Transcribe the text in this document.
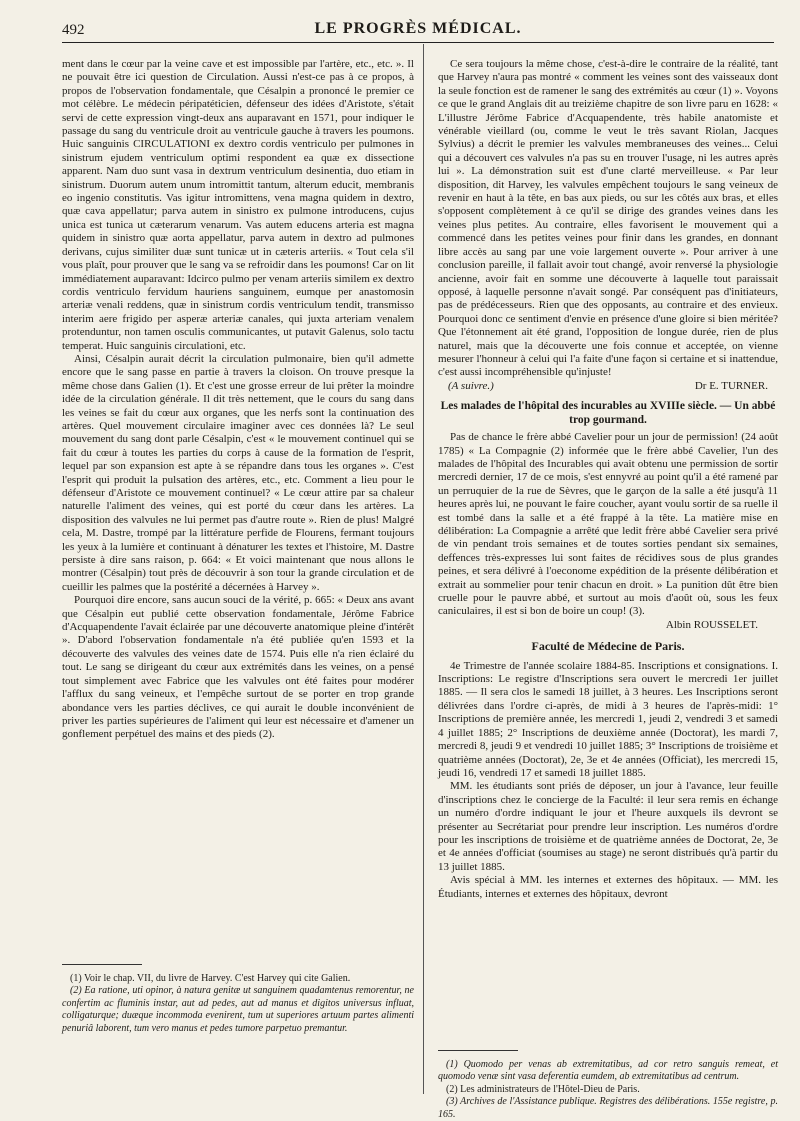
492	LE PROGRÈS MÉDICAL.

ment dans le cœur par la veine cave et est impossible par l'artère, etc., etc. ». Il ne pouvait être ici question de Circulation. Aussi n'est-ce pas à ce propos, à propos de l'observation fondamentale, que Césalpin a prononcé le premier ce mot célèbre. Le médecin péripatéticien, défenseur des idées d'Aristote, s'était servi de cette expression vingt-deux ans auparavant en 1571, pour indiquer le passage du sang du ventricule droit au ventricule gauche à travers les poumons. Huic sanguinis CIRCULATIONI ex dextro cordis ventriculo per pulmones in sinistrum ejudem ventriculum optimi respondent ea quæ ex dissectione apparent. Nam duo sunt vasa in dextrum ventriculum desinentia, duo etiam in sinistrum. Duorum autem unum intromittit tantum, alterum educit, membranis eo ingenio constitutis. Vas igitur intromittens, vena magna quidem in dextro, quæ cava appellatur; parva autem in sinistro ex pulmone introducens, cujus unica est tunica ut cæterarum venarum. Vas autem educens arteria est magna quidem in sinistro quæ aorta appellatur, parva autem in dextro ad pulmones derivans, cujus similiter duæ sunt tunicæ ut in cæteris arteriis. « Tout cela s'il vous plaît, pour prouver que le sang va se refroidir dans les poumons! Car on lit immédiatement auparavant: Idcirco pulmo per venam arteriis similem ex dextro cordis ventriculo fervidum hauriens sanguinem, eumque per anastomosin arteriæ venali reddens, quæ in sinistrum cordis ventriculum tendit, transmisso interim aere frigido per asperæ arteriæ canales, qui juxta arteriam venalem protenduntur, non tamen osculis communicantes, ut putavit Galenus, solo tactu temperat. Huic sanguinis circulationi, etc.

Ainsi, Césalpin aurait décrit la circulation pulmonaire, bien qu'il admette encore que le sang passe en partie à travers la cloison. On trouve presque la même chose dans Galien (1). Et c'est une grosse erreur de lui prêter la moindre idée de la circulation générale. Il dit très nettement, que le cours du sang dans les veines se fait du cœur aux organes, que les nerfs sont la continuation des artères. Quel mouvement circulaire imaginer avec ces données là? Le seul mouvement du sang dont parle Césalpin, c'est « le mouvement continuel qui se fait du cœur à toutes les parties du corps à cause de la formation de l'esprit, lequel par son expansion est apte à se répandre dans tous les organes ». C'est l'esprit qui produit la pulsation des artères, etc., etc. Comment a lieu pour le défenseur d'Aristote ce mouvement continuel? « Le cœur attire par sa chaleur naturelle l'aliment des veines, qui est porté du cœur dans les artères. La disposition des valvules ne lui permet pas d'autre route ». Rien de plus! Malgré cela, M. Dastre, trompé par la littérature perfide de Flourens, fermant toujours les yeux à la lumière et continuant à dénaturer les textes et l'histoire, M. Dastre persiste à dire sans raison, p. 664: « Et voici maintenant que nous allons le montrer (Césalpin) tout près de découvrir à son tour la grande circulation et de cueillir les palmes que la postérité a décernées à Harvey ».

Pourquoi dire encore, sans aucun souci de la vérité, p. 665: « Deux ans avant que Césalpin eut publié cette observation fondamentale, Jérôme Fabrice d'Acquapendente l'avait éclairée par une découverte anatomique pleine d'intérêt ». D'abord l'observation fondamentale n'a été publiée qu'en 1593 et la découverte des valvules des veines date de 1574. Puis elle n'a rien éclairé du tout. Le sang se dirigeant du cœur aux extrémités dans les veines, on a pensé tout simplement avec Fabrice que les valvules ont été faites pour modérer l'afflux du sang veineux, et l'empêche surtout de se porter en trop grande abondance vers les parties déclives, ce qui aurait le double inconvénient de priver les parties supérieures de l'aliment qui leur est nécessaire et d'amener un gonflement perpétuel des mains et des pieds (2).

(1) Voir le chap. VII, du livre de Harvey. C'est Harvey qui cite Galien.

(2) Ea ratione, uti opinor, à natura genitæ ut sanguinem quadamtenus remorentur, ne confertim ac fluminis instar, aut ad pedes, aut ad manus et digitos universus influat, colligaturque; duæque incommoda evenirent, tum ut superiores artuum partes alimenti penuriâ laborent, tum vero manus et pedes tumore parpetuo premantur.

Ce sera toujours la même chose, c'est-à-dire le contraire de la réalité, tant que Harvey n'aura pas montré « comment les veines sont des vaisseaux dont la seule fonction est de ramener le sang des extrémités au cœur (1) ». Voyons ce que le grand Anglais dit au treizième chapitre de son livre paru en 1628: « L'illustre Jérôme Fabrice d'Acquapendente, très habile anatomiste et vénérable vieillard (ou, comme le veut le très savant Riolan, Jacques Sylvius) a décrit le premier les valvules membraneuses des veines... Celui qui a découvert ces valvules n'a pas su en trouver l'usage, ni les autres après lui ». La démonstration suit est d'une clarté merveilleuse. « Par leur disposition, dit Harvey, les valvules empêchent toujours le sang veineux de revenir en haut à la tête, en bas aux pieds, ou sur les côtés aux bras, et elles s'opposent complètement à ce qu'il se dirige des grandes veines dans les veines plus petites. Au contraire, elles favorisent le mouvement qui a commencé dans les petites veines pour finir dans les grandes, en donnant libre accès au sang par une voie largement ouverte ». Pour arriver à une conclusion pareille, il fallait avoir tout changé, avoir renversé la physiologie ancienne, avoir fait en somme une découverte à laquelle tout paraissait opposé, à laquelle personne n'avait songé. Par conséquent pas d'initiateurs, pas de prédécesseurs. Rien que des opposants, au contraire et des envieux. Pourquoi donc ce sentiment d'envie en présence d'une gloire si bien méritée? Que l'étonnement ait été grand, l'opposition de longue durée, rien de plus naturel, mais que la découverte une fois connue et acceptée, on vienne mesurer l'honneur à celui qui l'a faite d'une façon si certaine et si inattendue, c'est aussi incompréhensible qu'injuste!

(A suivre.)	Dr E. TURNER.
Les malades de l'hôpital des incurables au XVIIIe siècle. — Un abbé trop gourmand.

Pas de chance le frère abbé Cavelier pour un jour de permission! (24 août 1785) « La Compagnie (2) informée que le frère abbé Cavelier, l'un des malades de l'hôpital des Incurables qui avait obtenu une permission de sortir mercredi dernier, 17 de ce mois, s'est ennyvré au point qu'il a été ramené par un perruquier de la rue de Sèvres, que le garçon de la salle a été jusqu'à 11 heures après lui, ne pouvant le faire coucher, ayant voulu sortir de sa ruelle il est tombé dans la salle et a été frappé à la tête. La matière mise en délibération: La Compagnie a arrêté que ledit frère abbé Cavelier sera privé de vin pendant trois semaines et de toutes sorties pendant six semaines, deffences très-expresses lui sont faites de récidives sous de plus grandes peines, et sera délivré à l'oeconome expédition de la présente délibération et extrait au sommelier pour tenir chacun en droit. » La punition dût être bien cruelle pour le pauvre abbé, et surtout au mois d'août où, sous les feux caniculaires, il est si bon de boire un coup! (3).

Albin ROUSSELET.
Faculté de Médecine de Paris.

4e Trimestre de l'année scolaire 1884-85. Inscriptions et consignations. I. Inscriptions: Le registre d'Inscriptions sera ouvert le mercredi 1er juillet 1885. — Il sera clos le samedi 18 juillet, à 3 heures. Les Inscriptions seront délivrées dans l'ordre ci-après, de midi à 3 heures de l'après-midi: 1° Inscriptions de première année, les mercredi 1, jeudi 2, vendredi 3 et samedi 4 juillet 1885; 2° Inscriptions de deuxième année (Doctorat), les mardi 7, mercredi 8, jeudi 9 et vendredi 10 juillet 1885; 3° Inscriptions de troisième et quatrième années (Doctorat), 2e, 3e et 4e années (Officiat), les mercredi 15, jeudi 16, vendredi 17 et samedi 18 juillet 1885.

MM. les étudiants sont priés de déposer, un jour à l'avance, leur feuille d'inscriptions chez le concierge de la Faculté: il leur sera remis en échange un numéro d'ordre indiquant le jour et l'heure auxquels ils devront se présenter au Secrétariat pour prendre leur inscription. Les numéros d'ordre pour les inscriptions de troisième et de quatrième années de Doctorat, 2e, 3e et 4e années d'officiat (soumises au stage) ne seront distribués qu'à partir du 13 juillet 1885.

Avis spécial à MM. les internes et externes des hôpitaux. — MM. les Étudiants, internes et externes des hôpitaux, devront

(1) Quomodo per venas ab extremitatibus, ad cor retro sanguis remeat, et quomodo venæ sint vasa deferentia eumdem, ab extremitatibus ad centrum.

(2) Les administrateurs de l'Hôtel-Dieu de Paris.

(3) Archives de l'Assistance publique. Registres des délibérations. 155e registre, p. 165.
